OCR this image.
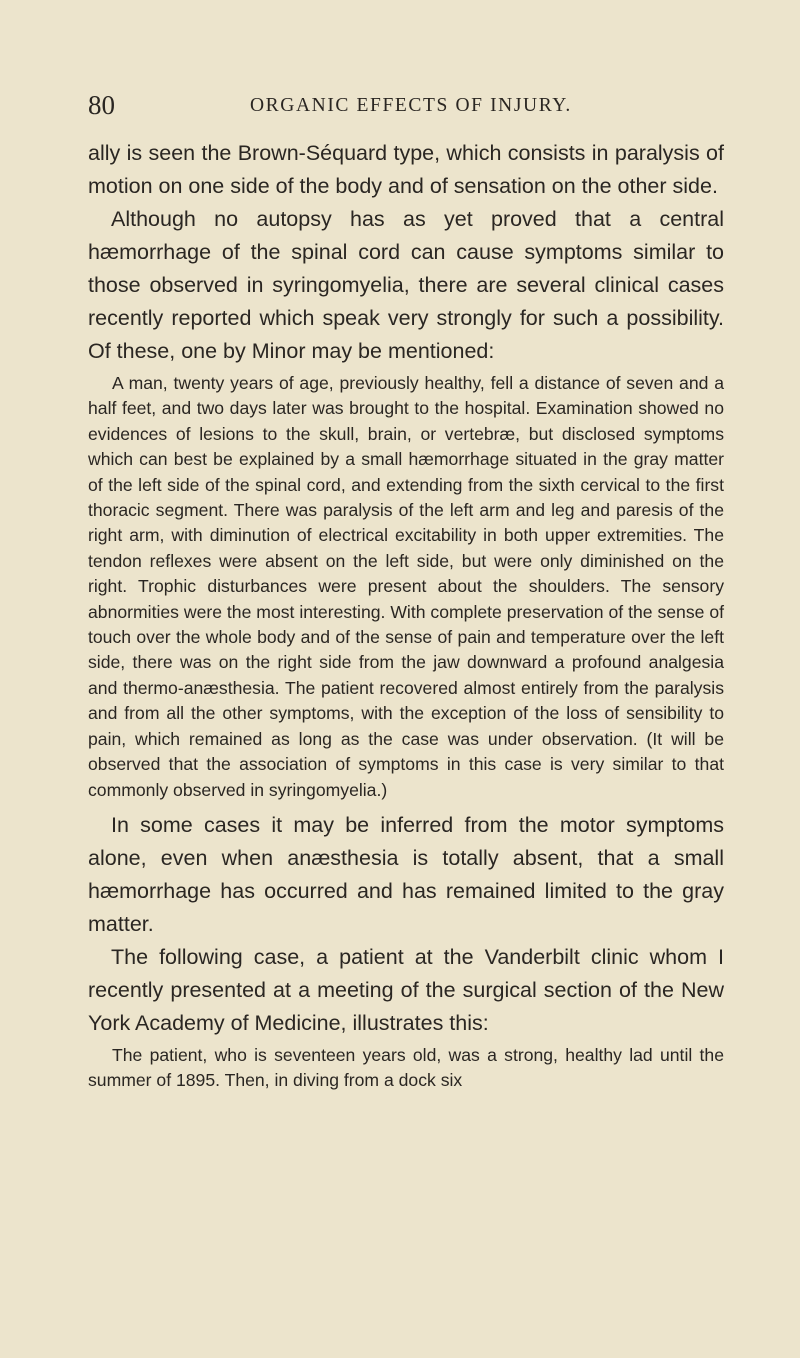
80	ORGANIC EFFECTS OF INJURY.

ally is seen the Brown-Séquard type, which consists in paralysis of motion on one side of the body and of sensation on the other side.

Although no autopsy has as yet proved that a central hæmorrhage of the spinal cord can cause symptoms similar to those observed in syringomyelia, there are several clinical cases recently reported which speak very strongly for such a possibility. Of these, one by Minor may be mentioned:

A man, twenty years of age, previously healthy, fell a distance of seven and a half feet, and two days later was brought to the hospital. Examination showed no evidences of lesions to the skull, brain, or vertebræ, but disclosed symptoms which can best be explained by a small hæmorrhage situated in the gray matter of the left side of the spinal cord, and extending from the sixth cervical to the first thoracic segment. There was paralysis of the left arm and leg and paresis of the right arm, with diminution of electrical excitability in both upper extremities. The tendon reflexes were absent on the left side, but were only diminished on the right. Trophic disturbances were present about the shoulders. The sensory abnormities were the most interesting. With complete preservation of the sense of touch over the whole body and of the sense of pain and temperature over the left side, there was on the right side from the jaw downward a profound analgesia and thermo-anæsthesia. The patient recovered almost entirely from the paralysis and from all the other symptoms, with the exception of the loss of sensibility to pain, which remained as long as the case was under observation. (It will be observed that the association of symptoms in this case is very similar to that commonly observed in syringomyelia.)

In some cases it may be inferred from the motor symptoms alone, even when anæsthesia is totally absent, that a small hæmorrhage has occurred and has remained limited to the gray matter.

The following case, a patient at the Vanderbilt clinic whom I recently presented at a meeting of the surgical section of the New York Academy of Medicine, illustrates this:

The patient, who is seventeen years old, was a strong, healthy lad until the summer of 1895. Then, in diving from a dock six
